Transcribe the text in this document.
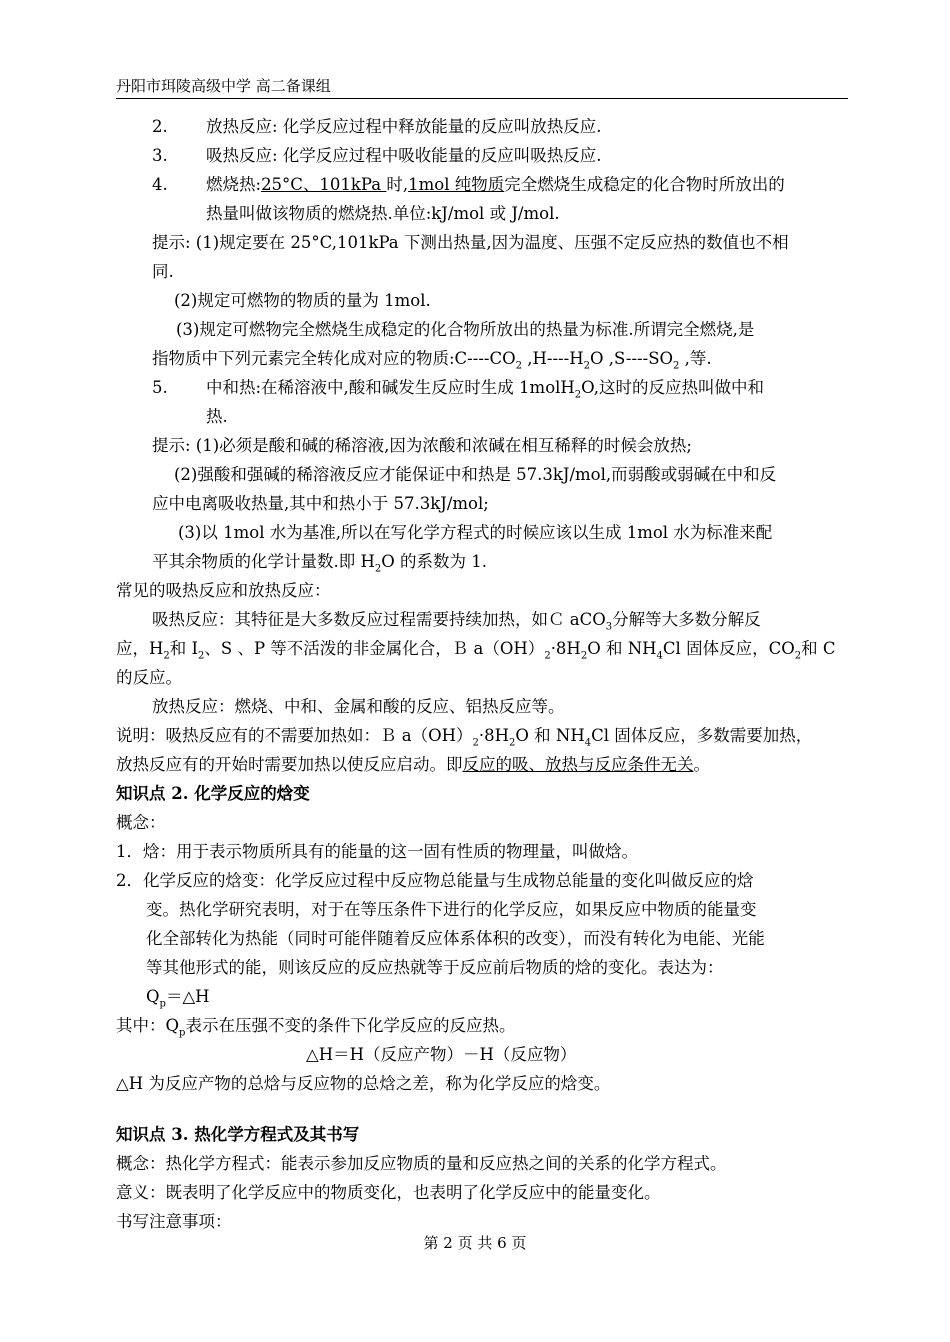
丹阳市珥陵高级中学 高二备课组
2. 放热反应: 化学反应过程中释放能量的反应叫放热反应.
3. 吸热反应: 化学反应过程中吸收能量的反应叫吸热反应.
4. 燃烧热:25°C、101kPa 时,1mol 纯物质完全燃烧生成稳定的化合物时所放出的
热量叫做该物质的燃烧热.单位:kJ/mol 或 J/mol.
提示: (1)规定要在 25°C,101kPa 下测出热量,因为温度、压强不定反应热的数值也不相
同.
(2)规定可燃物的物质的量为 1mol.
(3)规定可燃物完全燃烧生成稳定的化合物所放出的热量为标准.所谓完全燃烧,是
指物质中下列元素完全转化成对应的物质$:C----CO_2$ $,H----H_2O$ $,S----SO_2$ ,等.
5. 中和热:在稀溶液中,酸和碱发生反应时生成 1molH$_2$O,这时的反应热叫做中和
热.
提示: (1)必须是酸和碱的稀溶液,因为浓酸和浓碱在相互稀释的时候会放热;
(2)强酸和强碱的稀溶液反应才能保证中和热是 57.3kJ/mol,而弱酸或弱碱在中和反
应中电离吸收热量,其中和热小于 57.3kJ/mol;
(3)以 1mol 水为基准,所以在写化学方程式的时候应该以生成 1mol 水为标准来配
平其余物质的化学计量数.即 $H_2O$ 的系数为 1.
常见的吸热反应和放热反应：
吸热反应：其特征是大多数反应过程需要持续加热，如Ｃ aCO$_3$分解等大多数分解反
应，$H_2$和 $I_2$、S 、P 等不活泼的非金属化合，Ｂ $a(OH)_2\cdot 8H_2O$ 和 $NH_4Cl$ 固体反应，$CO_2$和 C
的反应。
放热反应：燃烧、中和、金属和酸的反应、铝热反应等。
说明：吸热反应有的不需要加热如：Ｂ $a(OH)_2\cdot 8H_2O$ 和 $NH_4Cl$ 固体反应，多数需要加热，
放热反应有的开始时需要加热以使反应启动。即反应的吸、放热与反应条件无关。
知识点 2. 化学反应的焓变
概念：
1．焓：用于表示物质所具有的能量的这一固有性质的物理量，叫做焓。
2．化学反应的焓变：化学反应过程中反应物总能量与生成物总能量的变化叫做反应的焓
变。热化学研究表明，对于在等压条件下进行的化学反应，如果反应中物质的能量变
化全部转化为热能（同时可能伴随着反应体系体积的改变），而没有转化为电能、光能
等其他形式的能，则该反应的反应热就等于反应前后物质的焓的变化。表达为：
$Q_p=\triangle H$
其中：$Q_p$表示在压强不变的条件下化学反应的反应热。
△H＝H（反应产物）－H（反应物）
△H 为反应产物的总焓与反应物的总焓之差，称为化学反应的焓变。
知识点 3. 热化学方程式及其书写
概念：热化学方程式：能表示参加反应物质的量和反应热之间的关系的化学方程式。
意义：既表明了化学反应中的物质变化，也表明了化学反应中的能量变化。
书写注意事项：
第 2 页 共 6 页
